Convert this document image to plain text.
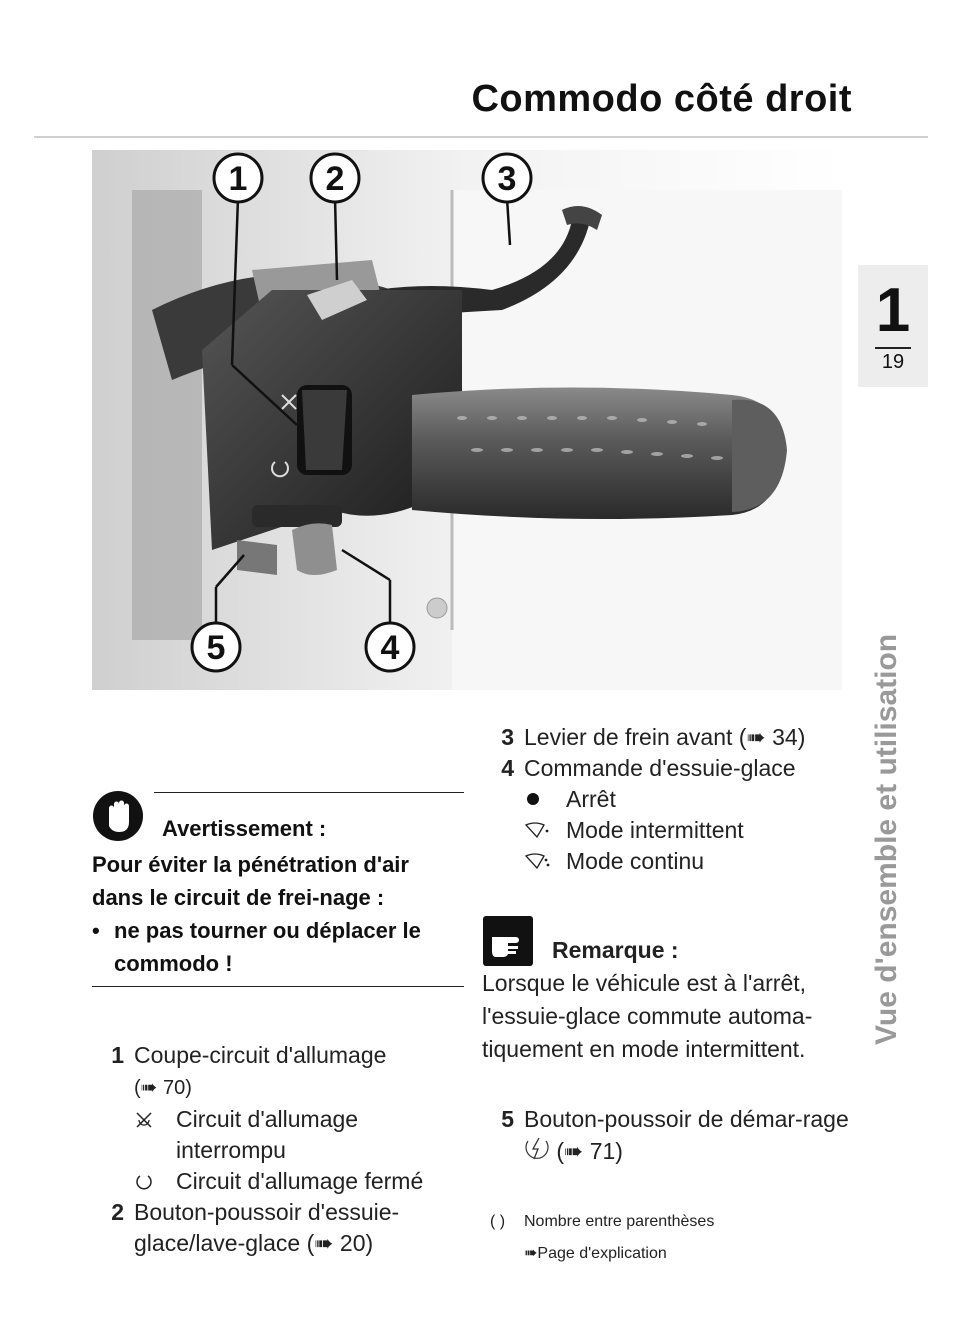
Commodo côté droit
1
19
Vue d'ensemble et utilisation
1 2	3
5	4
Avertissement :
Pour éviter la pénétration d'air dans le circuit de frei-nage :
• ne pas tourner ou déplacer le commodo !
1 Coupe-circuit d'allumage
(➠ 70)
Circuit d'allumage interrompu
Circuit d'allumage fermé
2 Bouton-poussoir d'essuie-glace/lave-glace (➠ 20)
3 Levier de frein avant (➠ 34)
4 Commande d'essuie-glace
Arrêt
Mode intermittent
Mode continu
Remarque :
Lorsque le véhicule est à l'arrêt, l'essuie-glace commute automa-tiquement en mode intermittent.
5 Bouton-poussoir de démar-rage  (➠ 71)
( )	Nombre entre parenthèses
➠Page d'explication
